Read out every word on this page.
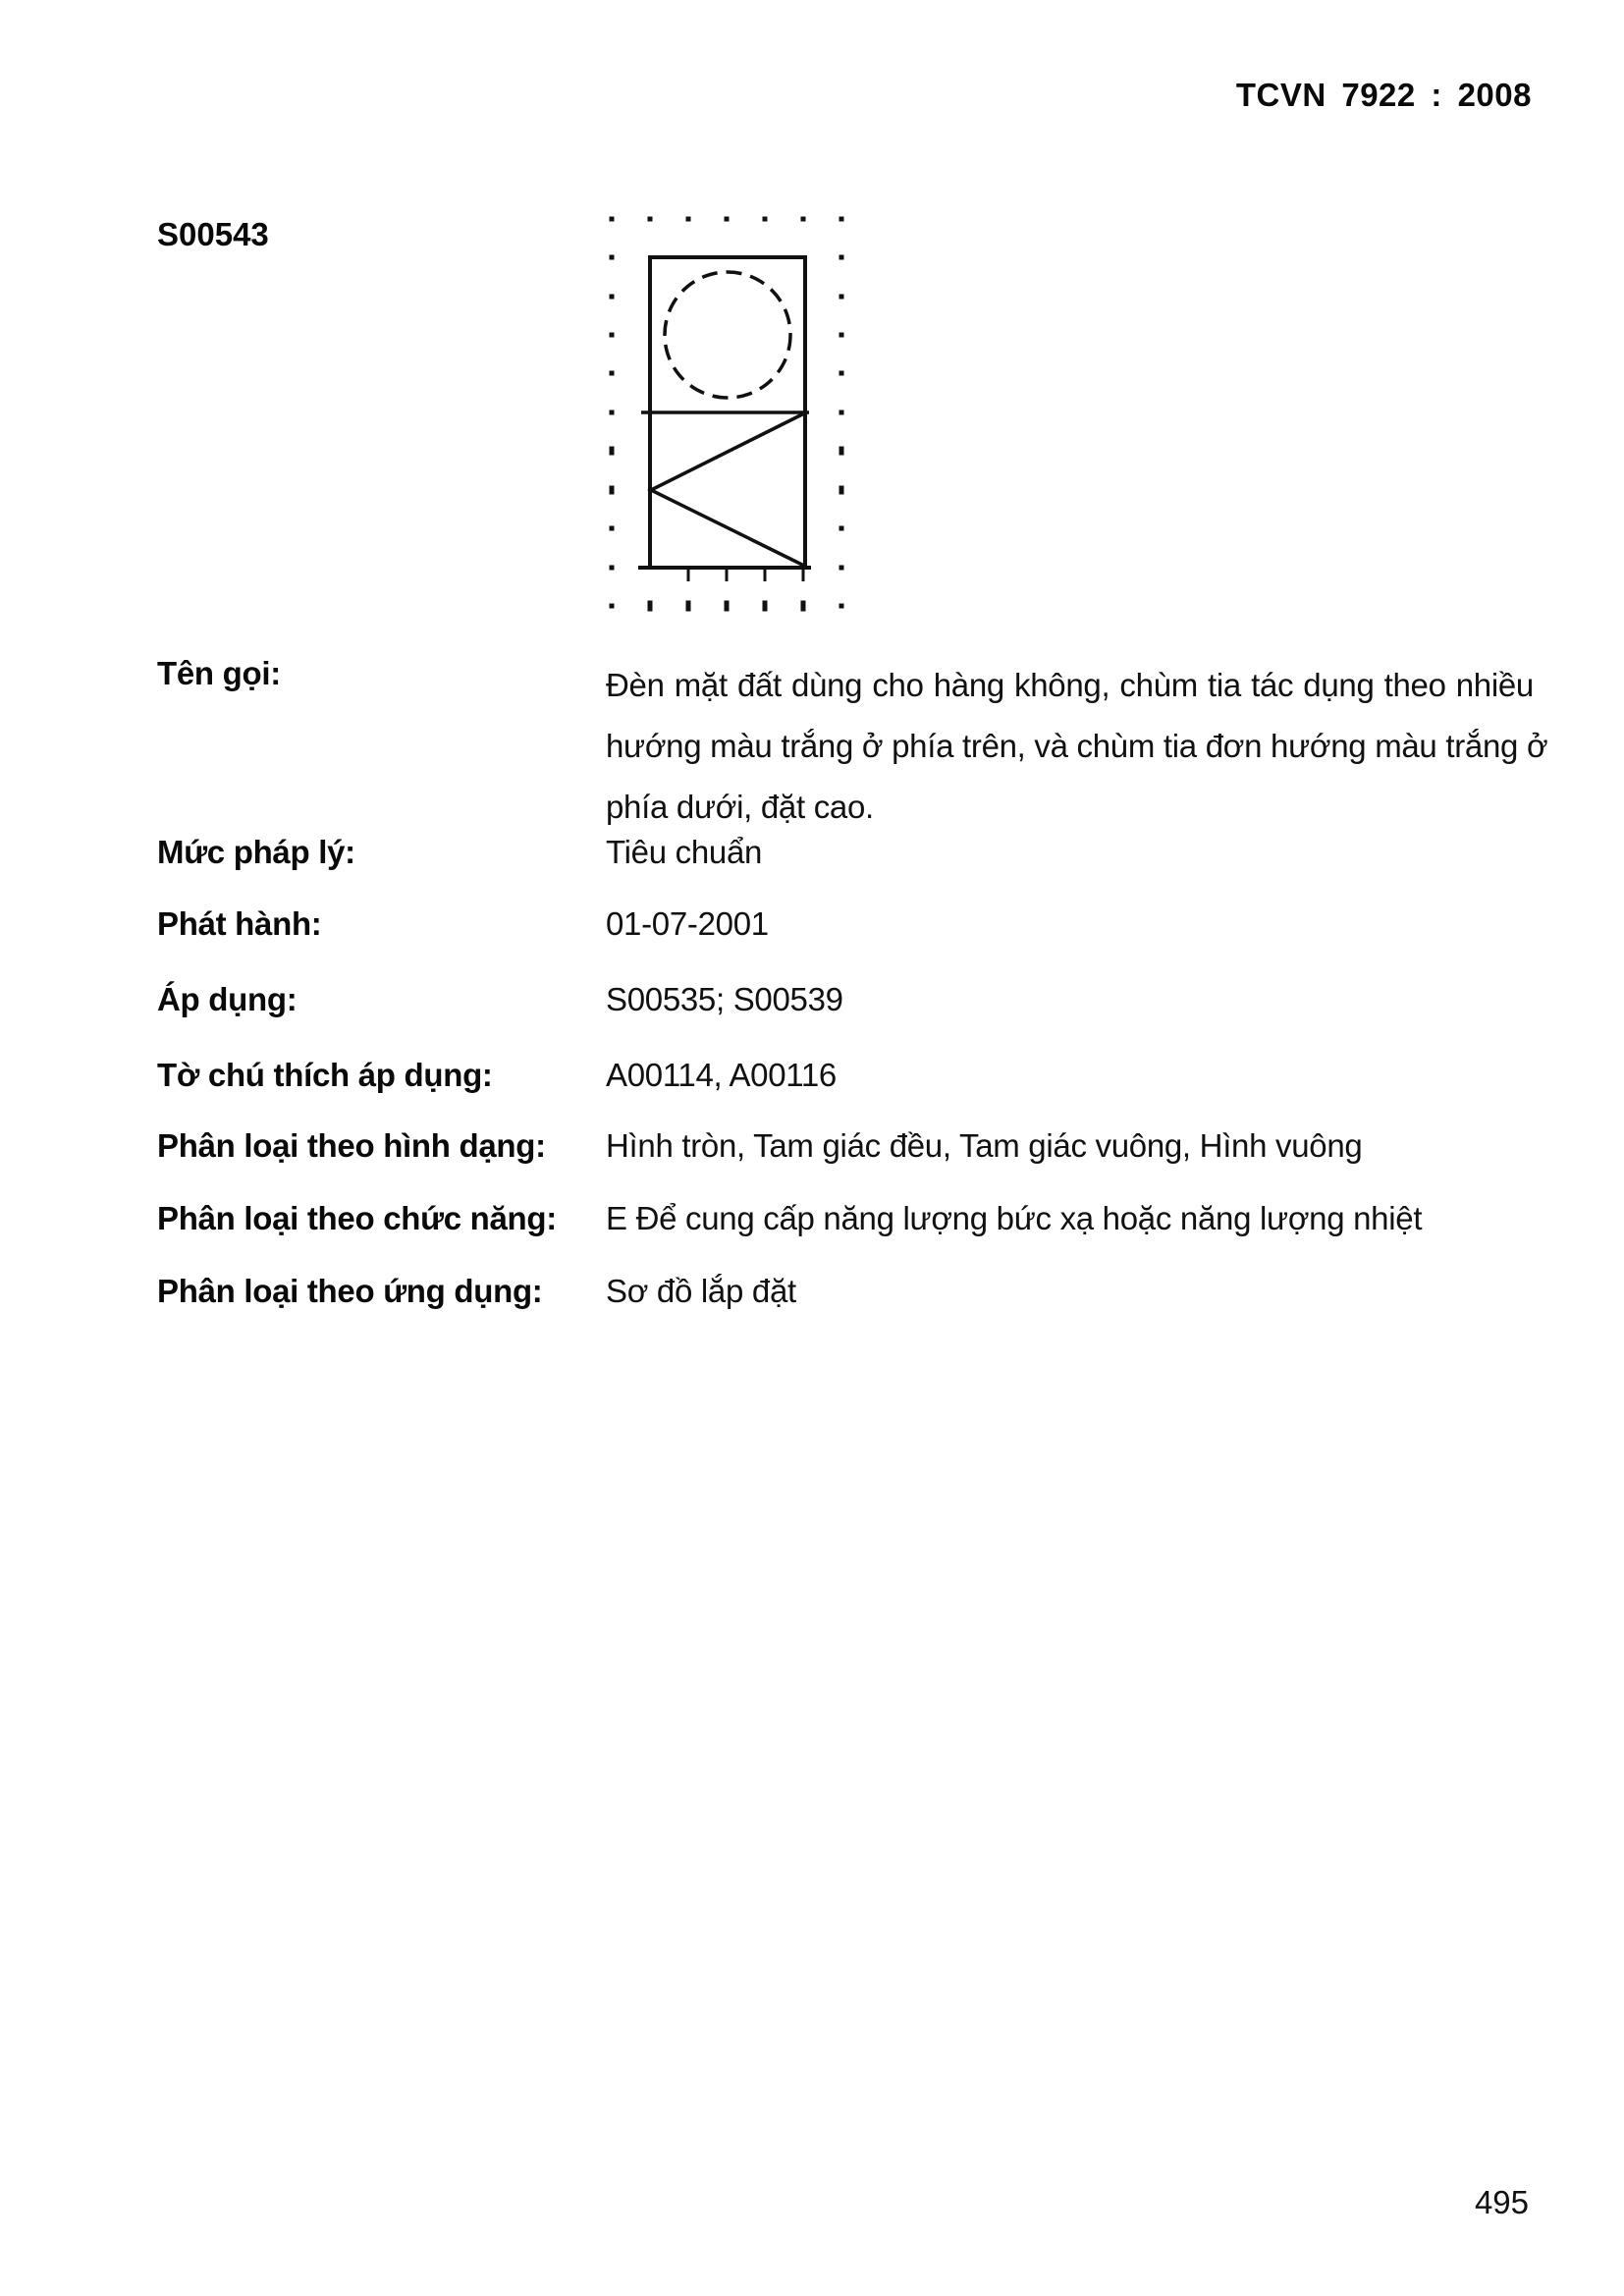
TCVN 7922 : 2008
S00543
Tên gọi:	Đèn mặt đất dùng cho hàng không, chùm tia tác dụng theo nhiều
hướng màu trắng ở phía trên, và chùm tia đơn hướng màu trắng ở
phía dưới, đặt cao.
Mức pháp lý:	Tiêu chuẩn
Phát hành:	01-07-2001
Áp dụng:	S00535; S00539
Tờ chú thích áp dụng:	A00114, A00116
Phân loại theo hình dạng:	Hình tròn, Tam giác đều, Tam giác vuông, Hình vuông
Phân loại theo chức năng:	E Để cung cấp năng lượng bức xạ hoặc năng lượng nhiệt
Phân loại theo ứng dụng:	Sơ đồ lắp đặt
495
